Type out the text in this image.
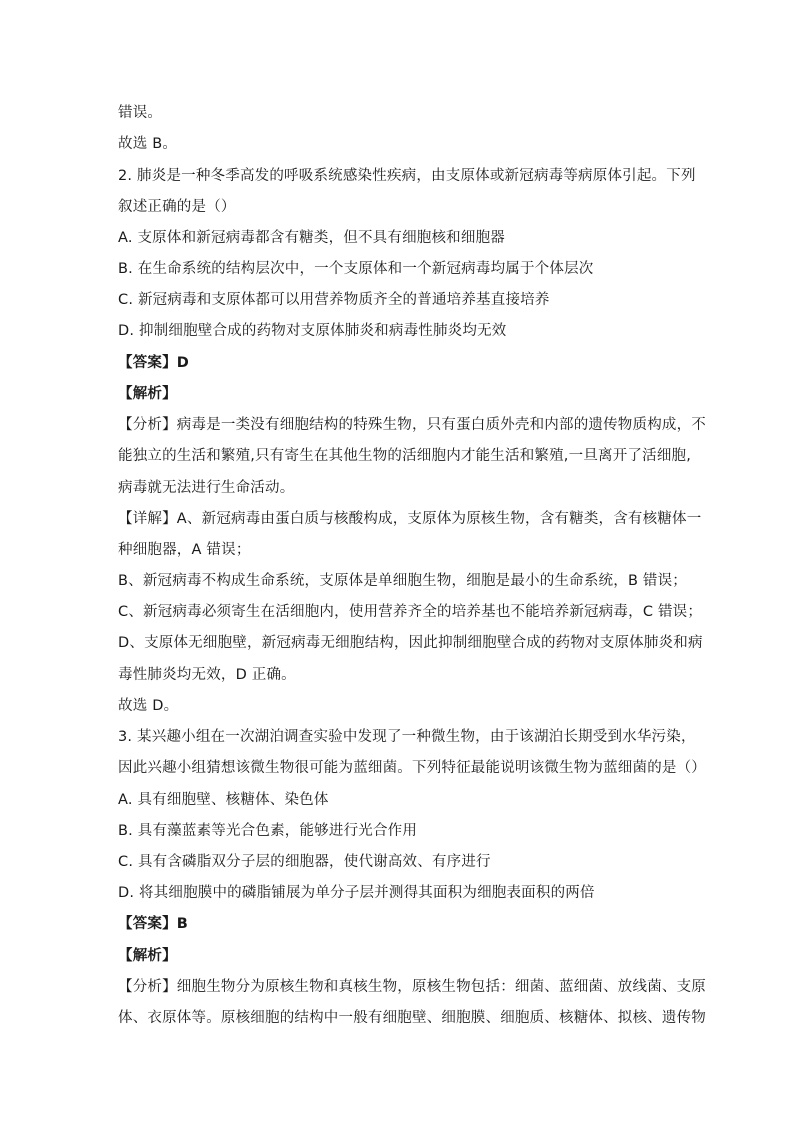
错误。
故选 B。
2. 肺炎是一种冬季高发的呼吸系统感染性疾病，由支原体或新冠病毒等病原体引起。下列
叙述正确的是（）
A. 支原体和新冠病毒都含有糖类，但不具有细胞核和细胞器
B. 在生命系统的结构层次中，一个支原体和一个新冠病毒均属于个体层次
C. 新冠病毒和支原体都可以用营养物质齐全的普通培养基直接培养
D. 抑制细胞壁合成的药物对支原体肺炎和病毒性肺炎均无效
【答案】D
【解析】
【分析】病毒是一类没有细胞结构的特殊生物，只有蛋白质外壳和内部的遗传物质构成，不
能独立的生活和繁殖,只有寄生在其他生物的活细胞内才能生活和繁殖,一旦离开了活细胞,
病毒就无法进行生命活动。
【详解】A、新冠病毒由蛋白质与核酸构成，支原体为原核生物，含有糖类，含有核糖体一
种细胞器，A 错误；
B、新冠病毒不构成生命系统，支原体是单细胞生物，细胞是最小的生命系统，B 错误；
C、新冠病毒必须寄生在活细胞内，使用营养齐全的培养基也不能培养新冠病毒，C 错误；
D、支原体无细胞壁，新冠病毒无细胞结构，因此抑制细胞壁合成的药物对支原体肺炎和病
毒性肺炎均无效，D 正确。
故选 D。
3. 某兴趣小组在一次湖泊调查实验中发现了一种微生物，由于该湖泊长期受到水华污染，
因此兴趣小组猜想该微生物很可能为蓝细菌。下列特征最能说明该微生物为蓝细菌的是（）
A. 具有细胞壁、核糖体、染色体
B. 具有藻蓝素等光合色素，能够进行光合作用
C. 具有含磷脂双分子层的细胞器，使代谢高效、有序进行
D. 将其细胞膜中的磷脂铺展为单分子层并测得其面积为细胞表面积的两倍
【答案】B
【解析】
【分析】细胞生物分为原核生物和真核生物，原核生物包括：细菌、蓝细菌、放线菌、支原
体、衣原体等。原核细胞的结构中一般有细胞壁、细胞膜、细胞质、核糖体、拟核、遗传物
